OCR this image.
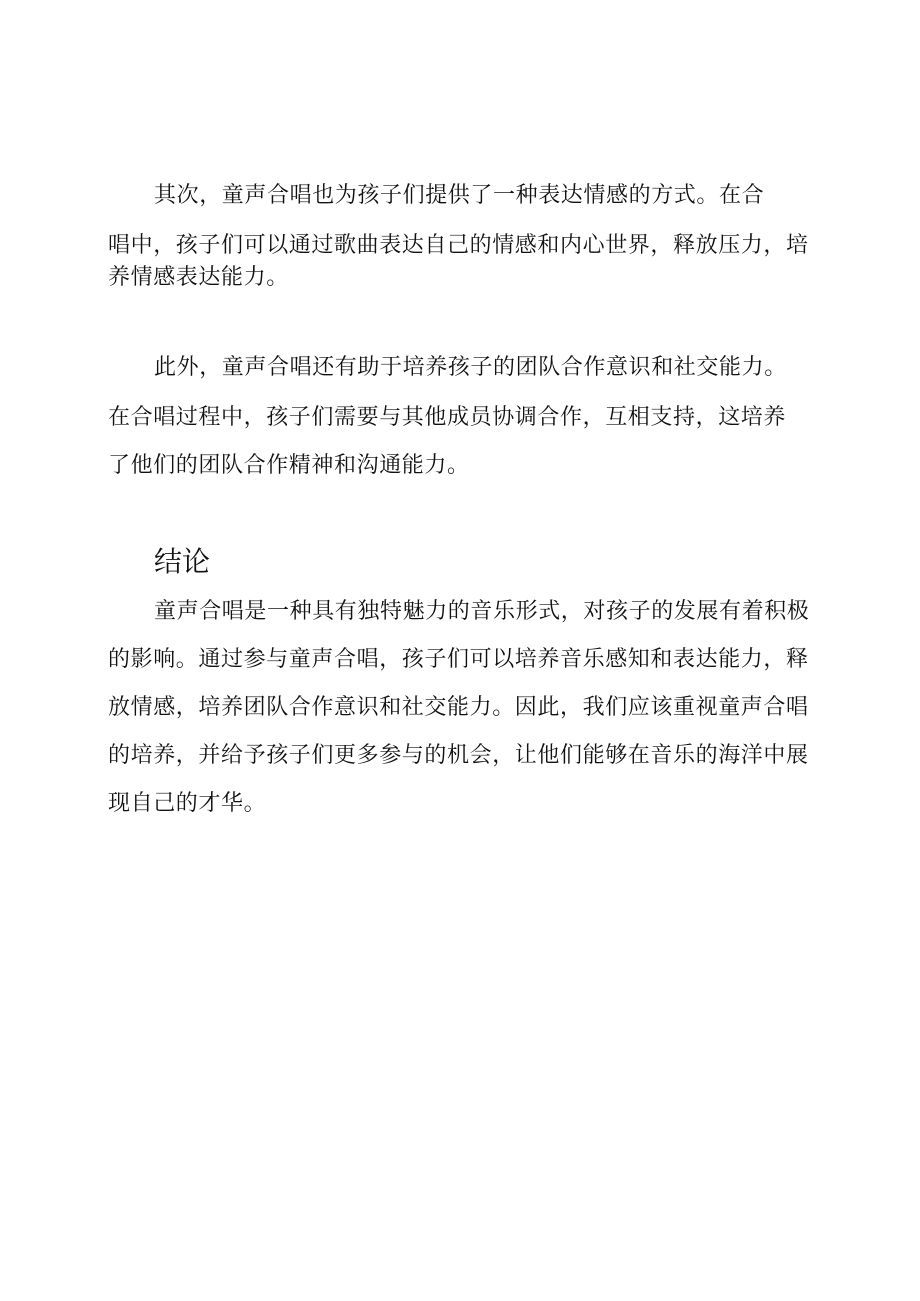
其次，童声合唱也为孩子们提供了一种表达情感的方式。在合
唱中，孩子们可以通过歌曲表达自己的情感和内心世界，释放压力，培
养情感表达能力。
此外，童声合唱还有助于培养孩子的团队合作意识和社交能力。
在合唱过程中，孩子们需要与其他成员协调合作，互相支持，这培养
了他们的团队合作精神和沟通能力。
结论
童声合唱是一种具有独特魅力的音乐形式，对孩子的发展有着积极
的影响。通过参与童声合唱，孩子们可以培养音乐感知和表达能力，释
放情感，培养团队合作意识和社交能力。因此，我们应该重视童声合唱
的培养，并给予孩子们更多参与的机会，让他们能够在音乐的海洋中展
现自己的才华。
